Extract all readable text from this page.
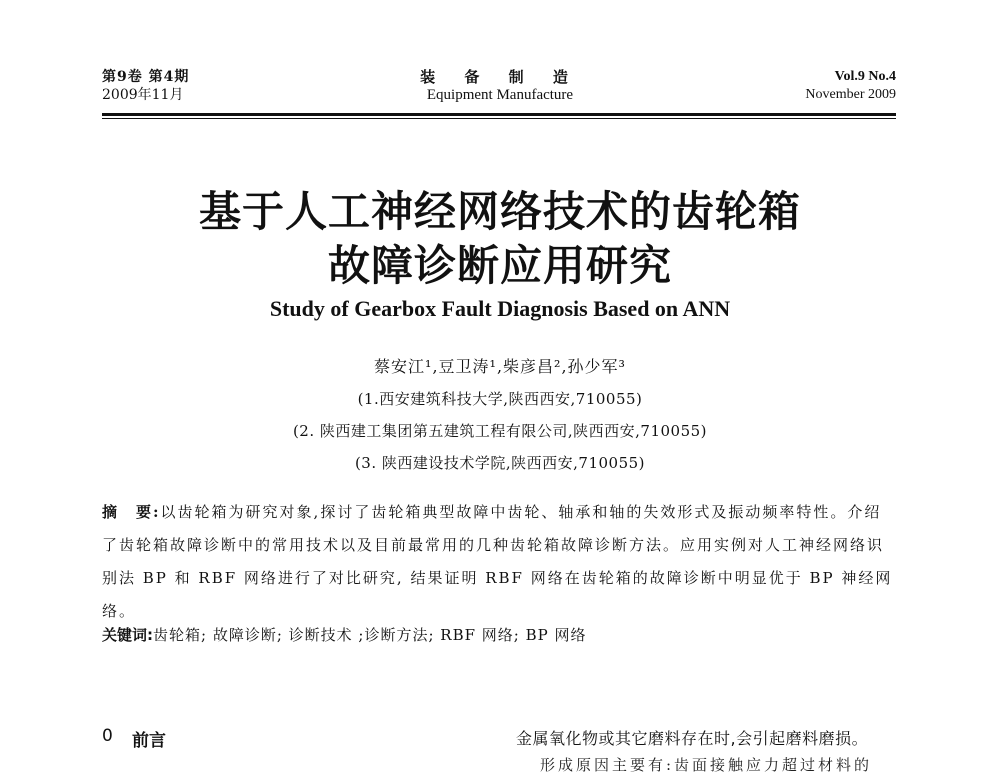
第9卷 第4期
2009年11月
装 备 制 造
Equipment Manufacture
Vol.9 No.4
November 2009
基于人工神经网络技术的齿轮箱
故障诊断应用研究
Study of Gearbox Fault Diagnosis Based on ANN
蔡安江¹,豆卫涛¹,柴彦昌²,孙少军³
(1.西安建筑科技大学,陕西西安,710055)
(2. 陕西建工集团第五建筑工程有限公司,陕西西安,710055)
(3. 陕西建设技术学院,陕西西安,710055)
摘　要:以齿轮箱为研究对象,探讨了齿轮箱典型故障中齿轮、轴承和轴的失效形式及振动频率特性。介绍了齿轮箱故障诊断中的常用技术以及目前最常用的几种齿轮箱故障诊断方法。应用实例对人工神经网络识别法 BP 和 RBF 网络进行了对比研究, 结果证明 RBF 网络在齿轮箱的故障诊断中明显优于 BP 神经网络。
关键词:齿轮箱; 故障诊断; 诊断技术 ;诊断方法; RBF 网络; BP 网络
0 前言	金属氧化物或其它磨料存在时,会引起磨料磨损。
形成原因主要有:齿面接触应力超过材料的
